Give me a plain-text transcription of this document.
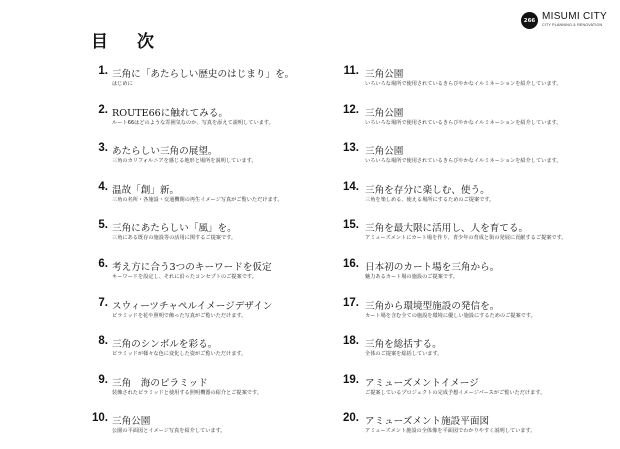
目　次
266 MISUMI CITY
CITY PLANNING & RENOVATION
1. 三角に「あたらしい歴史のはじまり」を。
はじめに
2. ROUTE66に触れてみる。
ルート66はどのような雰囲気なのか、写真を添えて説明しています。
3. あたらしい三角の展望。
三角のカリフォルニアを感じる地形と場所を説明しています。
4. 温故「創」新。
三角の名所・各施設・交通機関の再生イメージ写真がご覧いただけます。
5. 三角にあたらしい「風」を。
三角にある既存の施設等の活用に関するご提案です。
6. 考え方に合う3つのキーワードを仮定
キーワードを設定し、それに沿ったコンセプトのご提案です。
7. スウィーツチャペルイメージデザイン
ピラミッドを花や照明で飾った写真がご覧いただけます。
8. 三角のシンボルを彩る。
ピラミッドが様々な色に変化した姿がご覧いただけます。
9. 三角　海のピラミッド
装飾されたピラミッドと使用する照明機器の紹介とご提案です。
10. 三角公園
公園の平面図とイメージ写真を紹介しています。
11. 三角公園
いろいろな場所で使用されているきらびやかなイルミネーションを紹介しています。
12. 三角公園
いろいろな場所で使用されているきらびやかなイルミネーションを紹介しています。
13. 三角公園
いろいろな場所で使用されているきらびやかなイルミネーションを紹介しています。
14. 三角を存分に楽しむ、使う。
三角を楽しめる、使える場所にするためのご提案です。
15. 三角を最大限に活用し、人を育てる。
アミューズメントにカート場を作り、青少年の育成と街の発展に貢献するご提案です。
16. 日本初のカート場を三角から。
魅力あるカート場の施設のご提案です。
17. 三角から環境型施設の発信を。
カート場を含む全ての施設を環境に優しい施設にするためのご提案です。
18. 三角を総括する。
全体のご提案を総括しています。
19. アミューズメントイメージ
ご提案しているプロジェクトの完成予想イメージパースがご覧いただけます。
20. アミューズメント施設平面図
アミューズメント施設の全体像を平面図でわかりやすく説明しています。
